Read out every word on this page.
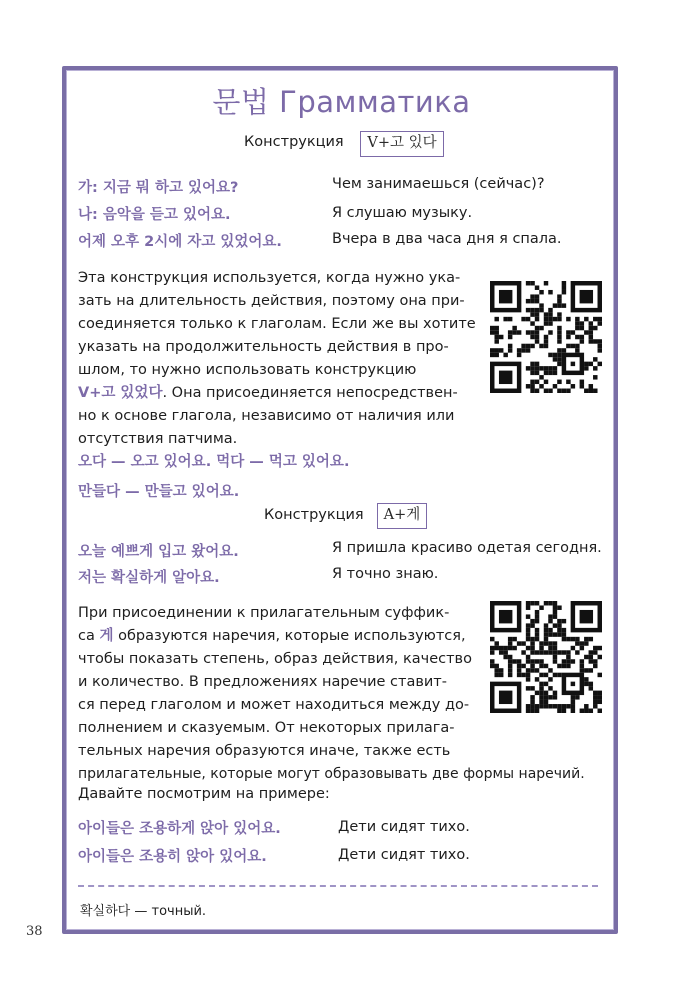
문법 Грамматика
Конструкция	V+고 있다
가: 지금 뭐 하고 있어요?	Чем занимаешься (сейчас)?
나: 음악을 듣고 있어요.	Я слушаю музыку.
어제 오후 2시에 자고 있었어요.	Вчера в два часа дня я спала.
Эта конструкция используется, когда нужно ука-
зать на длительность действия, поэтому она при-
соединяется только к глаголам. Если же вы хотите
указать на продолжительность действия в про-
шлом, то нужно использовать конструкцию
V+고 있었다. Она присоединяется непосредствен-
но к основе глагола, независимо от наличия или
отсутствия патчима.
오다 — 오고 있어요. 먹다 — 먹고 있어요.
만들다 — 만들고 있어요.
Конструкция	A+게
오늘 예쁘게 입고 왔어요.	Я пришла красиво одетая сегодня.
저는 확실하게 알아요.	Я точно знаю.
При присоединении к прилагательным суффик-
са 게 образуются наречия, которые используются,
чтобы показать степень, образ действия, качество
и количество. В предложениях наречие ставит-
ся перед глаголом и может находиться между до-
полнением и сказуемым. От некоторых прилага-
тельных наречия образуются иначе, также есть
прилагательные, которые могут образовывать две формы наречий.
Давайте посмотрим на примере:
아이들은 조용하게 앉아 있어요.	Дети сидят тихо.
아이들은 조용히 앉아 있어요.	Дети сидят тихо.
확실하다 — точный.
38
